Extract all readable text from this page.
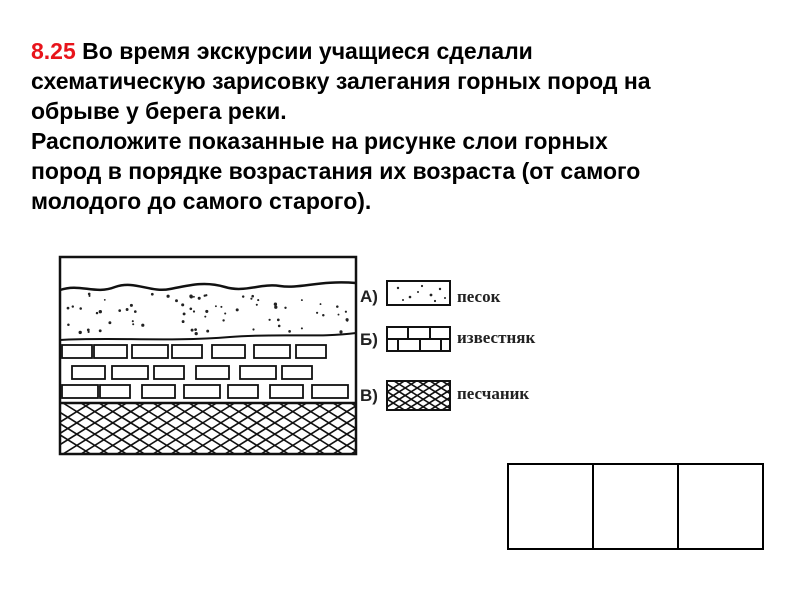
8.25 Во время экскурсии учащиеся сделали
схематическую зарисовку залегания горных пород на
обрыве у берега реки.
Расположите показанные на рисунке слои горных
пород в порядке возрастания их возраста (от самого
молодого до самого старого).
А)	песок
Б)	известняк
В)	песчаник
